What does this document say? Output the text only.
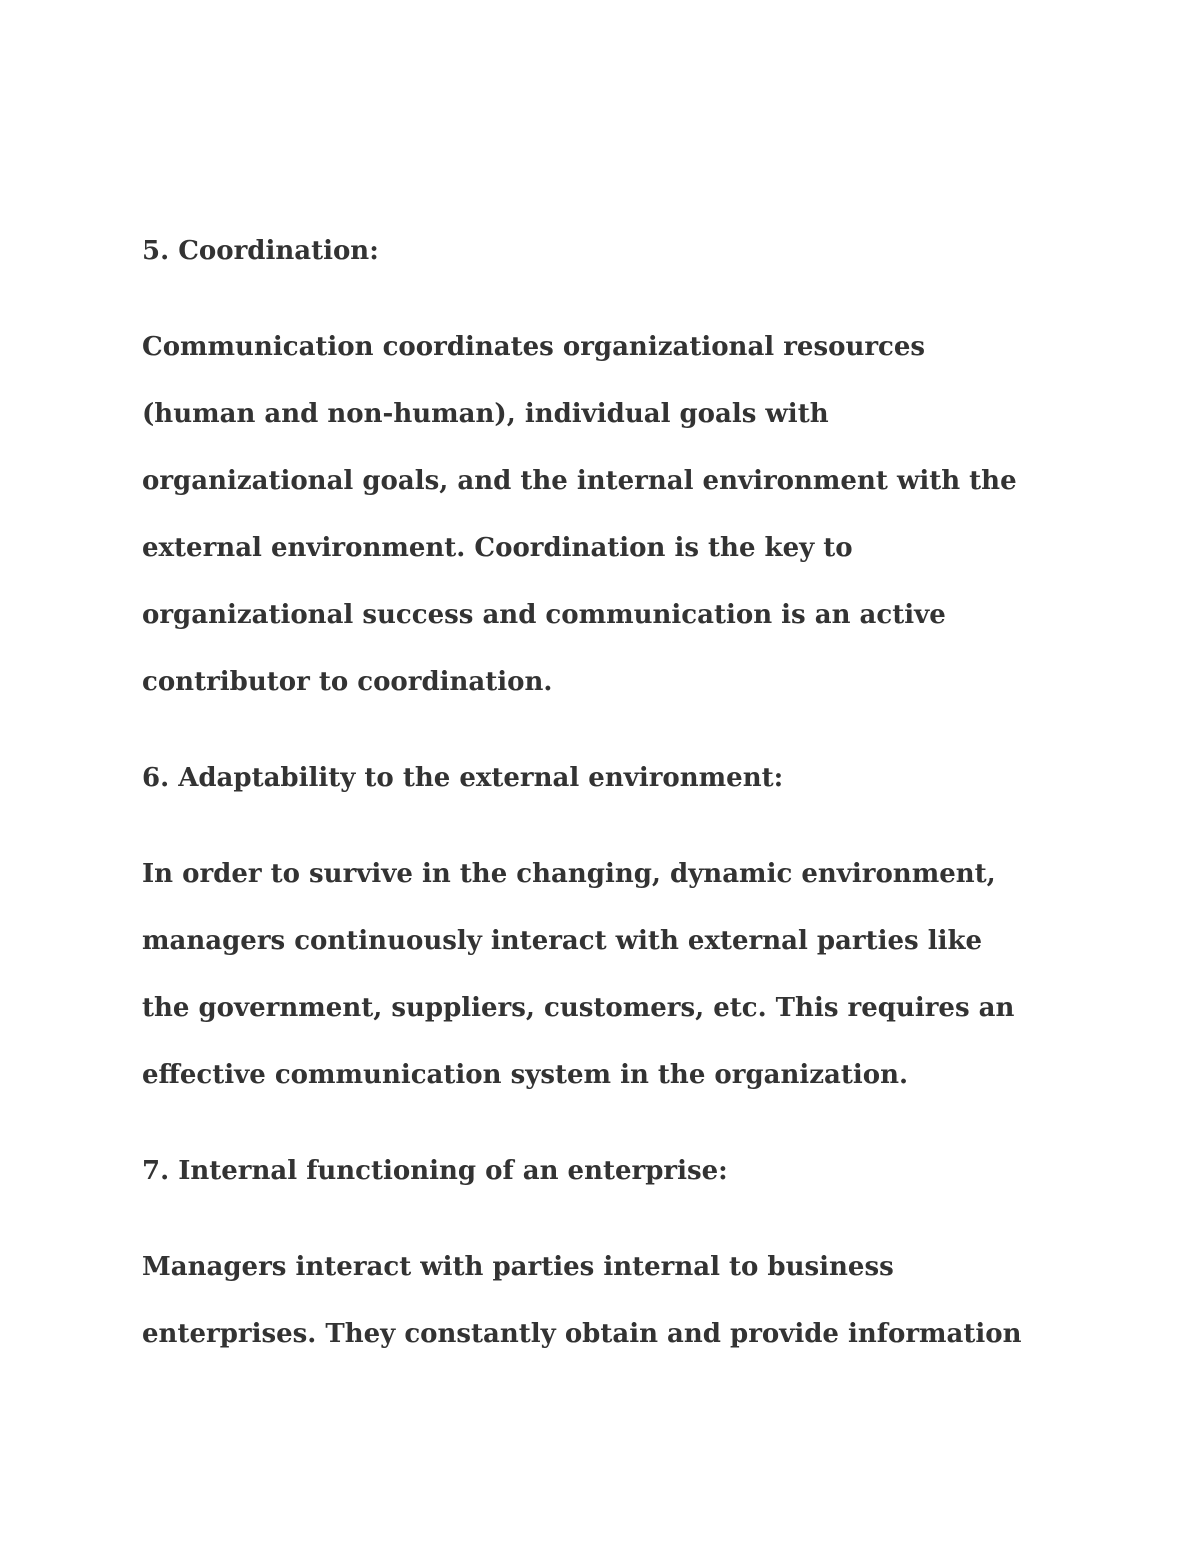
5. Coordination:
Communication coordinates organizational resources
(human and non-human), individual goals with
organizational goals, and the internal environment with the
external environment. Coordination is the key to
organizational success and communication is an active
contributor to coordination.
6. Adaptability to the external environment:
In order to survive in the changing, dynamic environment,
managers continuously interact with external parties like
the government, suppliers, customers, etc. This requires an
effective communication system in the organization.
7. Internal functioning of an enterprise:
Managers interact with parties internal to business
enterprises. They constantly obtain and provide information
